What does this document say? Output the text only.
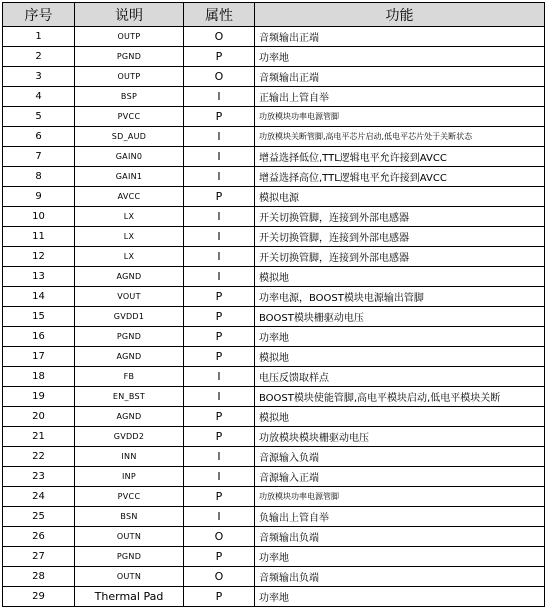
序号	说明	属性	功能
1	OUTP	O	音频输出正端
2	PGND	P	功率地
3	OUTP	O	音频输出正端
4	BSP	I	正输出上管自举
5	PVCC	P	功放模块功率电源管脚
6	SD_AUD	I	功放模块关断管脚,高电平芯片启动,低电平芯片处于关断状态
7	GAIN0	I	增益选择低位,TTL逻辑电平允许接到AVCC
8	GAIN1	I	增益选择高位,TTL逻辑电平允许接到AVCC
9	AVCC	P	模拟电源
10	LX	I	开关切换管脚，连接到外部电感器
11	LX	I	开关切换管脚，连接到外部电感器
12	LX	I	开关切换管脚，连接到外部电感器
13	AGND	I	模拟地
14	VOUT	P	功率电源，BOOST模块电源输出管脚
15	GVDD1	P	BOOST模块栅驱动电压
16	PGND	P	功率地
17	AGND	P	模拟地
18	FB	I	电压反馈取样点
19	EN_BST	I	BOOST模块使能管脚,高电平模块启动,低电平模块关断
20	AGND	P	模拟地
21	GVDD2	P	功放模块模块栅驱动电压
22	INN	I	音源输入负端
23	INP	I	音源输入正端
24	PVCC	P	功放模块功率电源管脚
25	BSN	I	负输出上管自举
26	OUTN	O	音频输出负端
27	PGND	P	功率地
28	OUTN	O	音频输出负端
29	Thermal Pad	P	功率地
